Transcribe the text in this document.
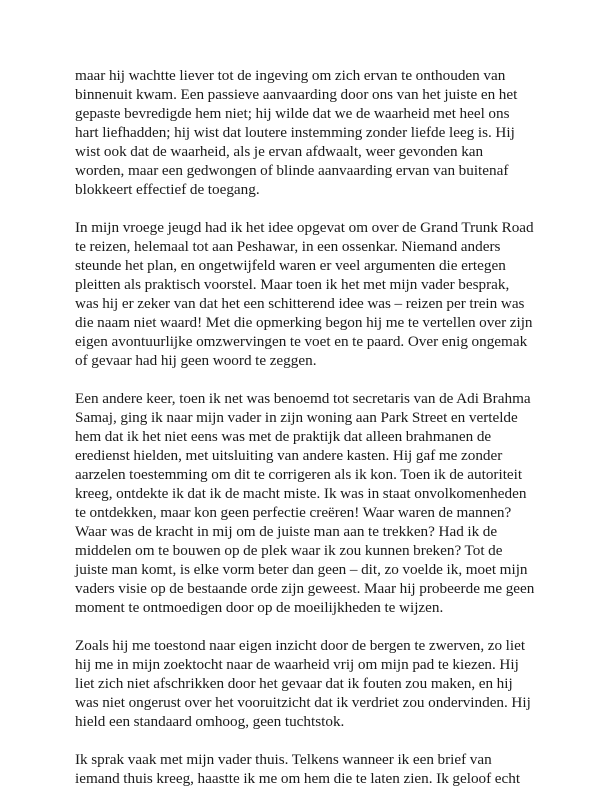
maar hij wachtte liever tot de ingeving om zich ervan te onthouden van binnenuit kwam. Een passieve aanvaarding door ons van het juiste en het gepaste bevredigde hem niet; hij wilde dat we de waarheid met heel ons hart liefhadden; hij wist dat loutere instemming zonder liefde leeg is. Hij wist ook dat de waarheid, als je ervan afdwaalt, weer gevonden kan worden, maar een gedwongen of blinde aanvaarding ervan van buitenaf blokkeert effectief de toegang.

In mijn vroege jeugd had ik het idee opgevat om over de Grand Trunk Road te reizen, helemaal tot aan Peshawar, in een ossenkar. Niemand anders steunde het plan, en ongetwijfeld waren er veel argumenten die ertegen pleitten als praktisch voorstel. Maar toen ik het met mijn vader besprak, was hij er zeker van dat het een schitterend idee was – reizen per trein was die naam niet waard! Met die opmerking begon hij me te vertellen over zijn eigen avontuurlijke omzwervingen te voet en te paard. Over enig ongemak of gevaar had hij geen woord te zeggen.

Een andere keer, toen ik net was benoemd tot secretaris van de Adi Brahma Samaj, ging ik naar mijn vader in zijn woning aan Park Street en vertelde hem dat ik het niet eens was met de praktijk dat alleen brahmanen de eredienst hielden, met uitsluiting van andere kasten. Hij gaf me zonder aarzelen toestemming om dit te corrigeren als ik kon. Toen ik de autoriteit kreeg, ontdekte ik dat ik de macht miste. Ik was in staat onvolkomenheden te ontdekken, maar kon geen perfectie creëren! Waar waren de mannen? Waar was de kracht in mij om de juiste man aan te trekken? Had ik de middelen om te bouwen op de plek waar ik zou kunnen breken? Tot de juiste man komt, is elke vorm beter dan geen – dit, zo voelde ik, moet mijn vaders visie op de bestaande orde zijn geweest. Maar hij probeerde me geen moment te ontmoedigen door op de moeilijkheden te wijzen.

Zoals hij me toestond naar eigen inzicht door de bergen te zwerven, zo liet hij me in mijn zoektocht naar de waarheid vrij om mijn pad te kiezen. Hij liet zich niet afschrikken door het gevaar dat ik fouten zou maken, en hij was niet ongerust over het vooruitzicht dat ik verdriet zou ondervinden. Hij hield een standaard omhoog, geen tuchtstok.

Ik sprak vaak met mijn vader thuis. Telkens wanneer ik een brief van iemand thuis kreeg, haastte ik me om hem die te laten zien. Ik geloof echt
